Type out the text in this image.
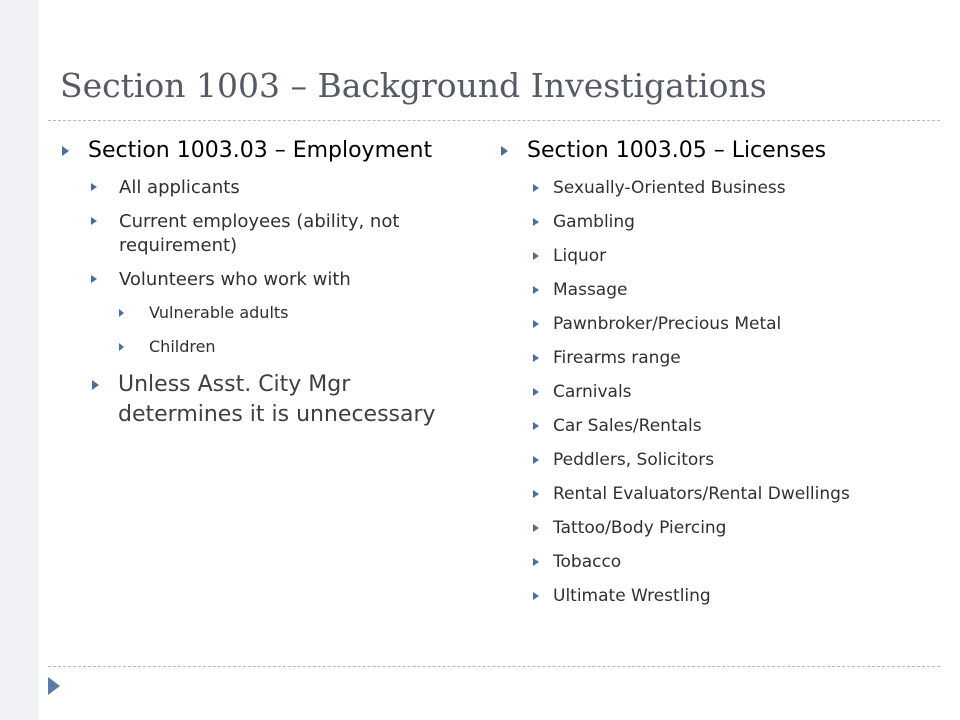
Section 1003 – Background Investigations
Section 1003.03 – Employment
All applicants
Current employees (ability, not requirement)
Volunteers who work with
Vulnerable adults
Children
Unless Asst. City Mgr determines it is unnecessary
Section 1003.05 – Licenses
Sexually-Oriented Business
Gambling
Liquor
Massage
Pawnbroker/Precious Metal
Firearms range
Carnivals
Car Sales/Rentals
Peddlers, Solicitors
Rental Evaluators/Rental Dwellings
Tattoo/Body Piercing
Tobacco
Ultimate Wrestling
